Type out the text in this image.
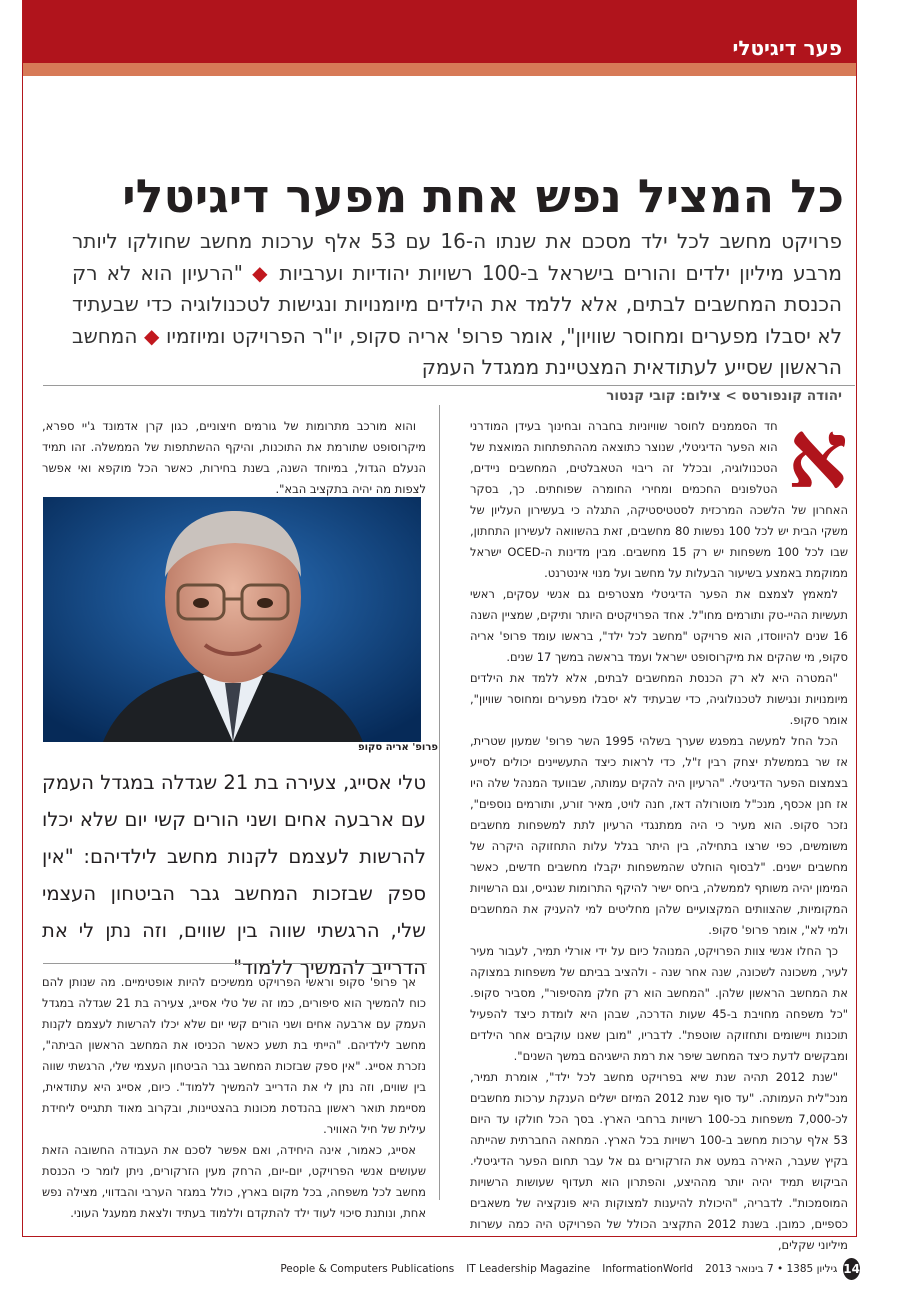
פער דיגיטלי
כל המציל נפש אחת מפער דיגיטלי

פרויקט מחשב לכל ילד מסכם את שנתו ה-16 עם 53 אלף ערכות מחשב שחולקו ליותר מרבע מיליון ילדים והורים בישראל ב-100 רשויות יהודיות וערביות ◆ "הרעיון הוא לא רק הכנסת המחשבים לבתים, אלא ללמד את הילדים מיומנויות ונגישות לטכנולוגיה כדי שבעתיד לא יסבלו מפערים ומחוסר שוויון", אומר פרופ' אריה סקופ, יו"ר הפרויקט ומיוזמיו ◆ המחשב הראשון שסייע לעתודאית המצטיינת ממגדל העמק

יהודה קונפורטס > צילום: קובי קנטור

א

חד הסממנים לחוסר שוויוניות בחברה ובחינוך בעידן המודרני הוא הפער הדיגיטלי, שנוצר כתוצאה מההתפתחות המואצת של הטכנולוגיה, ובכלל זה ריבוי הטאבלטים, המחשבים ניידים, הטלפונים החכמים ומחירי החומרה שפוחתים. כך, בסקר האחרון של הלשכה המרכזית לסטטיסטיקה, התגלה כי בעשירון העליון של משקי הבית יש לכל 100 נפשות 80 מחשבים, זאת בהשוואה לעשירון התחתון, שבו לכל 100 משפחות יש רק 15 מחשבים. מבין מדינות ה-OCED ישראל ממוקמת באמצע בשיעור הבעלות על מחשב ועל מנוי אינטרנט.

למאמץ לצמצם את הפער הדיגיטלי מצטרפים גם אנשי עסקים, ראשי תעשיות ההיי-טק ותורמים מחו"ל. אחד הפרויקטים היותר ותיקים, שמציין השנה 16 שנים להיווסדו, הוא פרויקט "מחשב לכל ילד", בראשו עומד פרופ' אריה סקופ, מי שהקים את מיקרוסופט ישראל ועמד בראשה במשך 17 שנים.

"המטרה היא לא רק הכנסת המחשבים לבתים, אלא ללמד את הילדים מיומנויות ונגישות לטכנולוגיה, כדי שבעתיד לא יסבלו מפערים ומחוסר שוויון", אומר סקופ.

הכל החל למעשה במפגש שערך בשלהי 1995 השר פרופ' שמעון שטרית, אז שר בממשלת יצחק רבין ז"ל, כדי לראות כיצד התעשיינים יכולים לסייע בצמצום הפער הדיגיטלי. "הרעיון היה להקים עמותה, שבוועד המנהל שלה היו אז חנן אכסף, מנכ"ל מוטורולה דאז, חנה לויט, מאיר זורע, ותורמים נוספים", נזכר סקופ. הוא מעיר כי היה ממתנגדי הרעיון לתת למשפחות מחשבים משומשים, כפי שרצו בתחילה, בין היתר בגלל עלות התחזוקה היקרה של מחשבים ישנים. "לבסוף הוחלט שהמשפחות יקבלו מחשבים חדשים, כאשר המימון יהיה משותף לממשלה, ביחס ישיר להיקף התרומות שנגייס, וגם הרשויות המקומיות, שהצוותים המקצועיים שלהן מחליטים למי להעניק את המחשבים ולמי לא", אומר פרופ' סקופ.

כך החלו אנשי צוות הפרויקט, המנוהל כיום על ידי אורלי תמיר, לעבור מעיר לעיר, משכונה לשכונה, שנה אחר שנה - ולהציב בביתם של משפחות במצוקה את המחשב הראשון שלהן. "המחשב הוא רק חלק מהסיפור", מסביר סקופ. "כל משפחה מחויבת ב-45 שעות הדרכה, שבהן היא לומדת כיצד להפעיל תוכנות ויישומים ותחזוקה שוטפת". לדבריו, "מובן שאנו עוקבים אחר הילדים ומבקשים לדעת כיצד המחשב שיפר את רמת הישגיהם במשך השנים".

"שנת 2012 תהיה שנת שיא בפרויקט מחשב לכל ילד", אומרת תמיר, מנכ"לית העמותה. "עד סוף שנת 2012 המיזם ישלים הענקת ערכות מחשבים לכ-7,000 משפחות בכ-100 רשויות ברחבי הארץ. בסך הכל חולקו עד היום 53 אלף ערכות מחשב ב-100 רשויות בכל הארץ. המחאה החברתית שהייתה בקיץ שעבר, האירה במעט את הזרקורים גם אל עבר תחום הפער הדיגיטלי. הביקוש תמיד יהיה יותר מההיצע, והפתרון הוא תעדוף שעושות הרשויות המוסמכות". לדבריה, "היכולת להיענות למצוקות היא פונקציה של משאבים כספיים, כמובן. בשנת 2012 התקציב הכולל של הפרויקט היה כמה עשרות מיליוני שקלים,

והוא מורכב מתרומות של גורמים חיצוניים, כגון קרן אדמונד ג'יי ספרא, מיקרוסופט שתורמת את התוכנות, והיקף ההשתתפות של הממשלה. זהו תמיד הנעלם הגדול, במיוחד השנה, בשנת בחירות, כאשר הכל מוקפא ואי אפשר לצפות מה יהיה בתקציב הבא".

פרופ' אריה סקופ

טלי אסייג, צעירה בת 21 שגדלה במגדל העמק עם ארבעה אחים ושני הורים קשי יום שלא יכלו להרשות לעצמם לקנות מחשב לילדיהם: "אין ספק שבזכות המחשב גבר הביטחון העצמי שלי, הרגשתי שווה בין שווים, וזה נתן לי את הדרייב להמשיך ללמוד"

אך פרופ' סקופ וראשי הפרויקט ממשיכים להיות אופטימיים. מה שנותן להם כוח להמשיך הוא סיפורים, כמו זה של טלי אסייג, צעירה בת 21 שגדלה במגדל העמק עם ארבעה אחים ושני הורים קשי יום שלא יכלו להרשות לעצמם לקנות מחשב לילדיהם. "הייתי בת תשע כאשר הכניסו את המחשב הראשון הביתה", נזכרת אסייג. "אין ספק שבזכות המחשב גבר הביטחון העצמי שלי, הרגשתי שווה בין שווים, וזה נתן לי את הדרייב להמשיך ללמוד". כיום, אסייג היא עתודאית, מסיימת תואר ראשון בהנדסת מכונות בהצטיינות, ובקרוב מאוד תתגייס ליחידת עילית של חיל האוויר.

אסייג, כאמור, אינה היחידה, ואם אפשר לסכם את העבודה החשובה הזאת שעושים אנשי הפרויקט, יום-יום, הרחק מעין הזרקורים, ניתן לומר כי הכנסת מחשב לכל משפחה, בכל מקום בארץ, כולל במגזר הערבי והבדווי, מצילה נפש אחת, ונותנת סיכוי לעוד ילד להתקדם וללמוד בעתיד ולצאת ממעגל העוני.

People & Computers Publications IT Leadership Magazine InformationWorld גיליון 1385 • 7 בינואר 2013 14
